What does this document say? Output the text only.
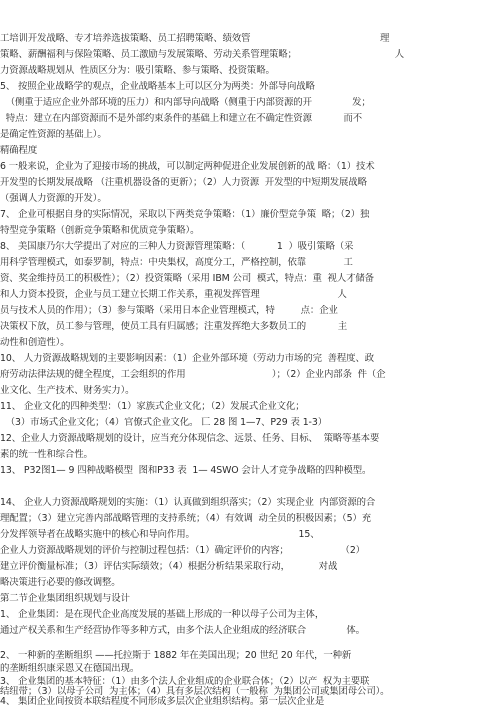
工培训开发战略、专才培养选拔策略、员工招聘策略、绩效管                                             理
策略、薪酬福利与保险策略、员工激励与发展策略、劳动关系管理策略；                                  人
力资源战略规划从  性质区分为：吸引策略、参与策略、投资策略。
5、 按照企业战略学的观点，企业战略基本上可以区分为两类：外部导向战略
（侧重于适应企业外部环境的压力）和内部导向战略（侧重于内部资源的开              发；
特点：建立在内部资源而不是外部约束条件的基础上和建立在不确定性资源           而不
是确定性资源的基础上）。
精确程度
6 一般来说，企业为了迎接市场的挑战，可以制定两种促进企业发展创新的战 略：（1）技术
开发型的长期发展战略 （注重机器设备的更新）；（2）人力资源  开发型的中短期发展战略
（强调人力资源的开发）。
7、 企业可根据自身的实际情况，采取以下两类竞争策略：（1）廉价型竞争策  略；（2）独
特型竞争策略（创新竞争策略和优质竞争策略）。
8、 美国康乃尔大学提出了对应的三种人力资源管理策略：（           1  ）吸引策略（采
用科学管理模式，如泰罗制，特点：中央集权，高度分工，严格控制，依靠             工
资、奖金维持员工的积极性）；（2）投资策略（采用 IBM 公司  模式，特点：重  视人才储备
和人力资本投资，企业与员工建立长期工作关系，重视发挥管理                           人
员与技术人员的作用）；（3）参与策略（采用日本企业管理模式，特         点：企业
决策权下放，员工参与管理，使员工具有归属感；注重发挥绝大多数员工的           主
动性和创造性）。
10、 人力资源战略规划的主要影响因素：（1）企业外部环境（劳动力市场的完  善程度、政
府劳动法律法规的健全程度，工会组织的作用                              ）；（2）企业内部条  件（企
业文化、生产技术、财务实力）。
11、 企业文化的四种类型：（1）家族式企业文化；（2）发展式企业文化；
（3）市场式企业文化；（4）官僚式企业文化。 匸 28 图 1—7、P29 表 1-3）
12、企业人力资源战略规划的设计，应当充分体现信念、远景、任务、目标、  策略等基本要
素的统一性和综合性。
13、 P32图1— 9 四种战略模型  图和P33 表  1— 4SWO 会计人才竞争战略的四种模型。
14、 企业人力资源战略规划的实施：（1）认真做到组织落实；（2）实现企业  内部资源的合
理配置；（3）建立完善内部战略管理的支持系统；（4）有效调  动全员的积极因素；（5）充
分发挥领导者在战略实施中的核心和导向作用。                                    15、
企业人力资源战略规划的评价与控制过程包括：（1）确定评价的内容；                  （2）
建立评价衡量标准；（3）评估实际绩效；（4）根据分析结果采取行动，          对战
略决策进行必要的修改调整。
第二节企业集团组织规划与设计
1、 企业集团：是在现代企业高度发展的基础上形成的一种以母子公司为主体，
通过产权关系和生产经营协作等多种方式，由多个法人企业组成的经济联合              体。
2、 一种新的垄断组织 ——托拉斯于 1882 年在美国出现；20 世纪 20 年代，一种新
的垄断组织康采恩又在德国出现。
3、 企业集团的基本特征：（1）由多个法人企业组成的企业联合体；（2）以产  权为主要联
结纽带；（3）以母子公司  为主体；（4）具有多层次结构（一般称  为集团公司或集团母公司）。
4、 集团企业间按资本联结程度不同形成多层次企业组织结构。第一层次企业是
